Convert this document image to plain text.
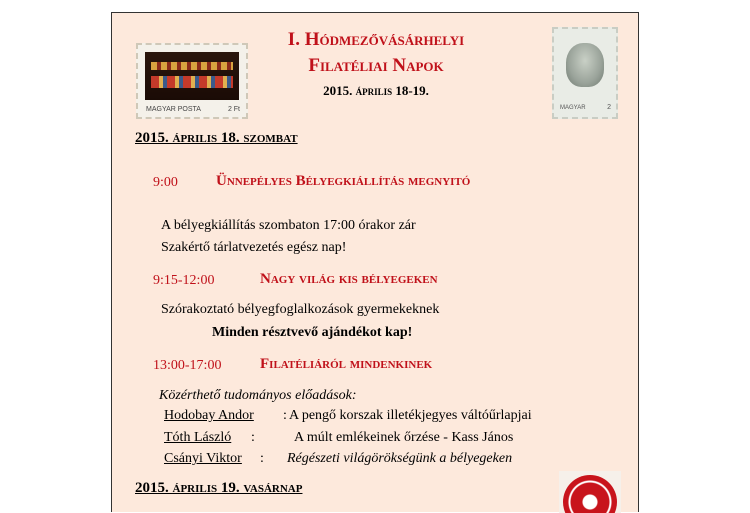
MAGYAR POSTA	2 Ft	MAGYAR	2
I. Hódmezővásárhelyi
Filatéliai Napok
2015. április 18-19.
2015. április 18. szombat
9:00	Ünnepélyes Bélyegkiállítás megnyitó
A bélyegkiállítás szombaton 17:00 órakor zár
Szakértő tárlatvezetés egész nap!
9:15-12:00	Nagy világ kis bélyegeken
Szórakoztató bélyegfoglalkozások gyermekeknek
Minden résztvevő ajándékot kap!
13:00-17:00	Filatéliáról mindenkinek
Közérthető tudományos előadások:
Hodobay Andor : A pengő korszak illetékjegyes váltóűrlapjai
Tóth László :	A múlt emlékeinek őrzése - Kass János
Csányi Viktor : Régészeti világörökségünk a bélyegeken
2015. április 19. vasárnap
